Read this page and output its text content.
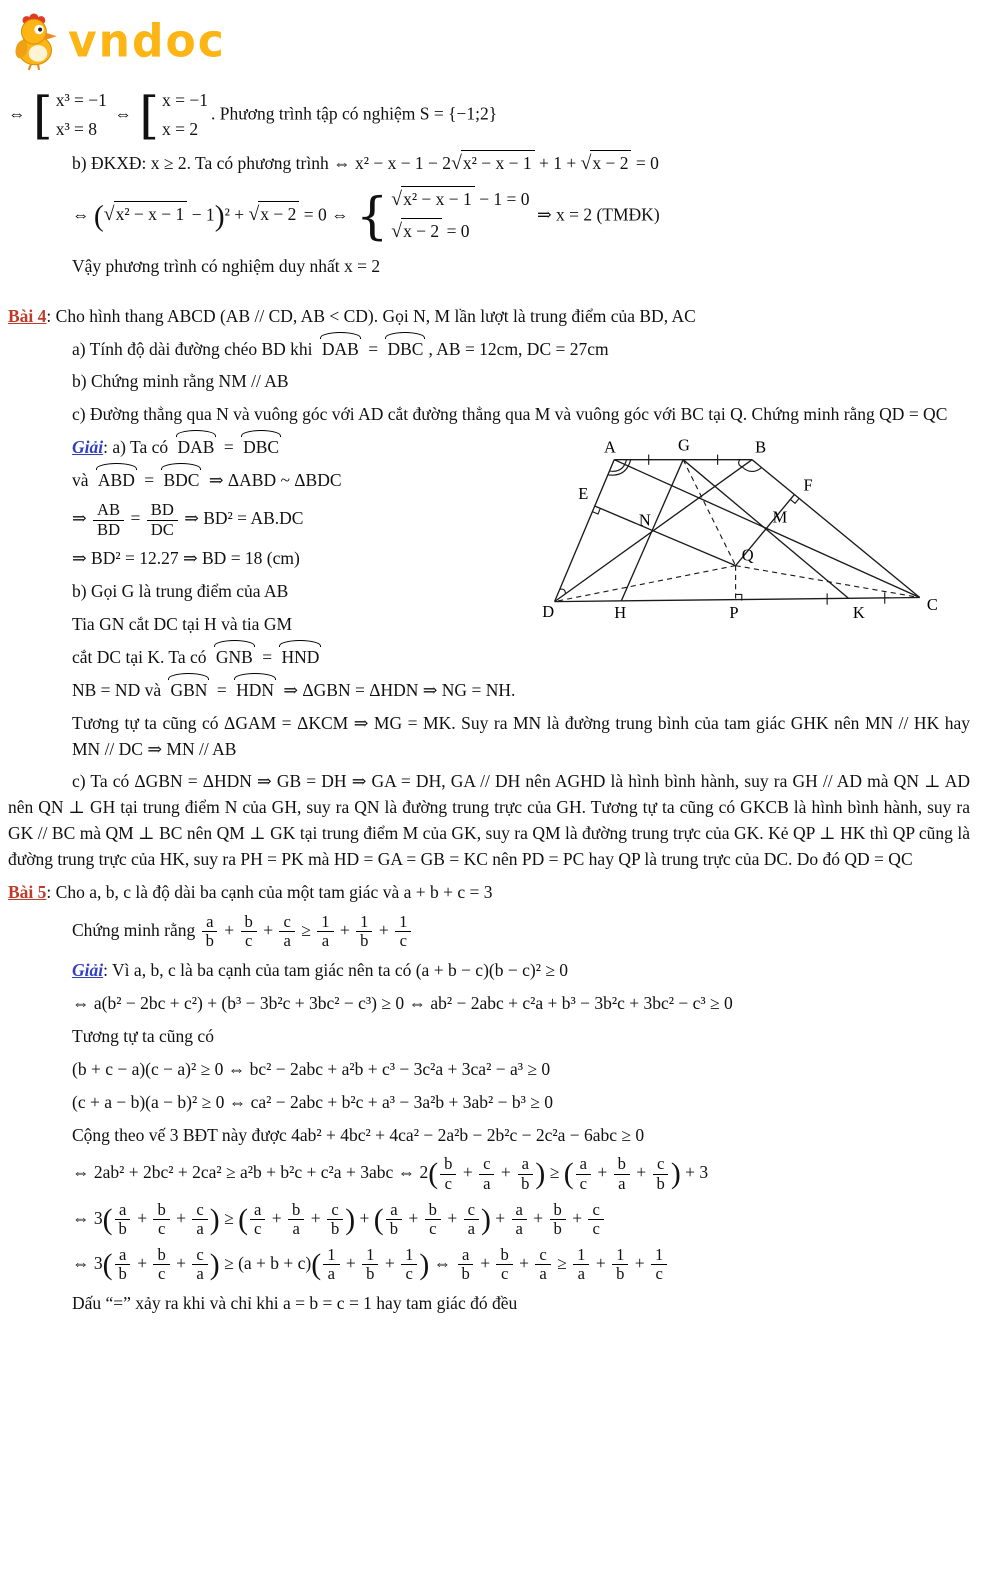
vndoc
⇔ [ x³ = −1
x³ = 8
⇔ [ x = −1
x = 2
. Phương trình tập có nghiệm S = {−1;2}
b) ĐKXĐ: x ≥ 2. Ta có phương trình ⇔ x² − x − 1 − 2 √ x² − x − 1 + 1 + √ x − 2 = 0
⇔ ( √ x² − x − 1 − 1)² + √ x − 2 = 0 ⇔ { √ x² − x − 1 − 1 = 0
√ x − 2 = 0
⇒ x = 2 (TMĐK)
Vậy phương trình có nghiệm duy nhất x = 2
Bài 4: Cho hình thang ABCD (AB // CD, AB < CD). Gọi N, M lần lượt là trung điểm của BD, AC
a) Tính độ dài đường chéo BD khi DAB = DBC , AB = 12cm, DC = 27cm
b) Chứng minh rằng NM // AB
c) Đường thẳng qua N và vuông góc với AD cắt đường thẳng qua M và vuông góc với BC tại Q. Chứng minh rằng QD = QC
A	G	B
E	F
N	M
Q
D	H	P	K	C
Giải: a) Ta có DAB = DBC
và ABD = BDC ⇒ ΔABD ~ ΔBDC
⇒ $\frac{AB}{BD} = \frac{BD}{DC}$ ⇒ BD² = AB.DC
⇒ BD² = 12.27 ⇒ BD = 18 (cm)
b) Gọi G là trung điểm của AB
Tia GN cắt DC tại H và tia GM
cắt DC tại K. Ta có GNB = HND
NB = ND và GBN = HDN ⇒ ΔGBN = ΔHDN ⇒ NG = NH.
Tương tự ta cũng có ΔGAM = ΔKCM ⇒ MG = MK. Suy ra MN là đường trung bình của tam giác GHK nên MN // HK hay MN // DC ⇒ MN // AB
c) Ta có ΔGBN = ΔHDN ⇒ GB = DH ⇒ GA = DH, GA // DH nên AGHD là hình bình hành, suy ra GH // AD mà QN ⊥ AD nên QN ⊥ GH tại trung điểm N của GH, suy ra QN là đường trung trực của GH. Tương tự ta cũng có GKCB là hình bình hành, suy ra GK // BC mà QM ⊥ BC nên QM ⊥ GK tại trung điểm M của GK, suy ra QM là đường trung trực của GK. Kẻ QP ⊥ HK thì QP cũng là đường trung trực của HK, suy ra PH = PK mà HD = GA = GB = KC nên PD = PC hay QP là trung trực của DC. Do đó QD = QC
Bài 5: Cho a, b, c là độ dài ba cạnh của một tam giác và a + b + c = 3
Chứng minh rằng $\frac{a}{b} + \frac{b}{c} + \frac{c}{a} \ge \frac{1}{a} + \frac{1}{b} + \frac{1}{c}$
Giải: Vì a, b, c là ba cạnh của tam giác nên ta có (a + b − c)(b − c)² ≥ 0
⇔ a(b² − 2bc + c²) + (b³ − 3b²c + 3bc² − c³) ≥ 0 ⇔ ab² − 2abc + c²a + b³ − 3b²c + 3bc² − c³ ≥ 0
Tương tự ta cũng có
(b + c − a)(c − a)² ≥ 0 ⇔ bc² − 2abc + a²b + c³ − 3c²a + 3ca² − a³ ≥ 0
(c + a − b)(a − b)² ≥ 0 ⇔ ca² − 2abc + b²c + a³ − 3a²b + 3ab² − b³ ≥ 0
Cộng theo vế 3 BĐT này được 4ab² + 4bc² + 4ca² − 2a²b − 2b²c − 2c²a − 6abc ≥ 0
⇔ 2ab² + 2bc² + 2ca² ≥ a²b + b²c + c²a + 3abc ⇔ $2( \frac{b}{c} + \frac{c}{a} + \frac{a}{b}$ ) ≥ ( $\frac{a}{c} + \frac{b}{a} + \frac{c}{b}$ ) + 3
⇔ $3( \frac{a}{b} + \frac{b}{c} + \frac{c}{a}$ ) ≥ ( $\frac{a}{c} + \frac{b}{a} + \frac{c}{b}$ ) + ( $\frac{a}{b} + \frac{b}{c} + \frac{c}{a}$ ) + $\frac{a}{a} + \frac{b}{b} + \frac{c}{c}$
⇔ $3( \frac{a}{b} + \frac{b}{c} + \frac{c}{a}$ ) ≥ $(a + b + c)( \frac{1}{a} + \frac{1}{b} + \frac{1}{c}$ ) ⇔ $\frac{a}{b} + \frac{b}{c} + \frac{c}{a} \ge \frac{1}{a} + \frac{1}{b} + \frac{1}{c}$
Dấu “=” xảy ra khi và chỉ khi a = b = c = 1 hay tam giác đó đều
